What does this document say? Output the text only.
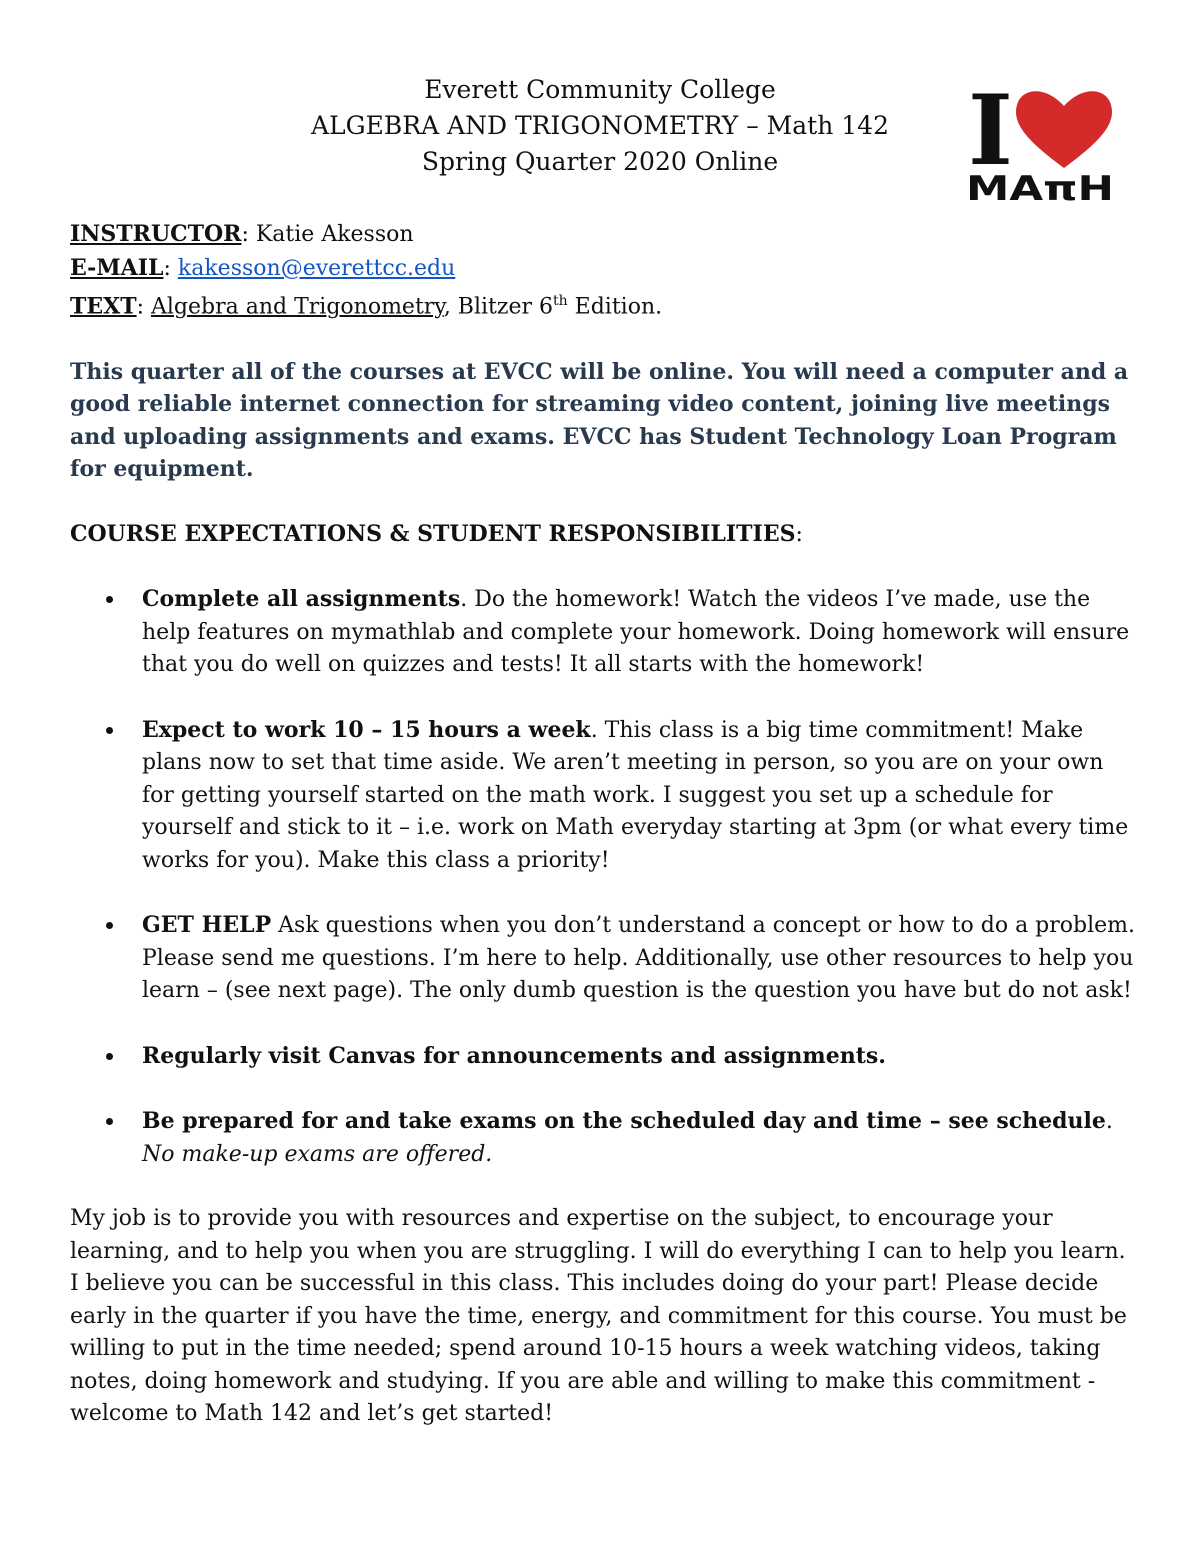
Everett Community College
ALGEBRA AND TRIGONOMETRY – Math 142
Spring Quarter 2020 Online	I
MAπH
INSTRUCTOR: Katie Akesson
E-MAIL: kakesson@everettcc.edu
TEXT: Algebra and Trigonometry, Blitzer 6th Edition.
This quarter all of the courses at EVCC will be online. You will need a computer and a good reliable internet connection for streaming video content, joining live meetings and uploading assignments and exams. EVCC has Student Technology Loan Program for equipment.
COURSE EXPECTATIONS & STUDENT RESPONSIBILITIES:
Complete all assignments. Do the homework! Watch the videos I’ve made, use the help features on mymathlab and complete your homework. Doing homework will ensure that you do well on quizzes and tests! It all starts with the homework!
Expect to work 10 – 15 hours a week. This class is a big time commitment! Make plans now to set that time aside. We aren’t meeting in person, so you are on your own for getting yourself started on the math work. I suggest you set up a schedule for yourself and stick to it – i.e. work on Math everyday starting at 3pm (or what every time works for you). Make this class a priority!
GET HELP Ask questions when you don’t understand a concept or how to do a problem. Please send me questions. I’m here to help. Additionally, use other resources to help you learn – (see next page). The only dumb question is the question you have but do not ask!
Regularly visit Canvas for announcements and assignments.
Be prepared for and take exams on the scheduled day and time – see schedule.
No make-up exams are offered.
My job is to provide you with resources and expertise on the subject, to encourage your learning, and to help you when you are struggling. I will do everything I can to help you learn. I believe you can be successful in this class. This includes doing do your part! Please decide early in the quarter if you have the time, energy, and commitment for this course. You must be willing to put in the time needed; spend around 10-15 hours a week watching videos, taking notes, doing homework and studying. If you are able and willing to make this commitment - welcome to Math 142 and let’s get started!
